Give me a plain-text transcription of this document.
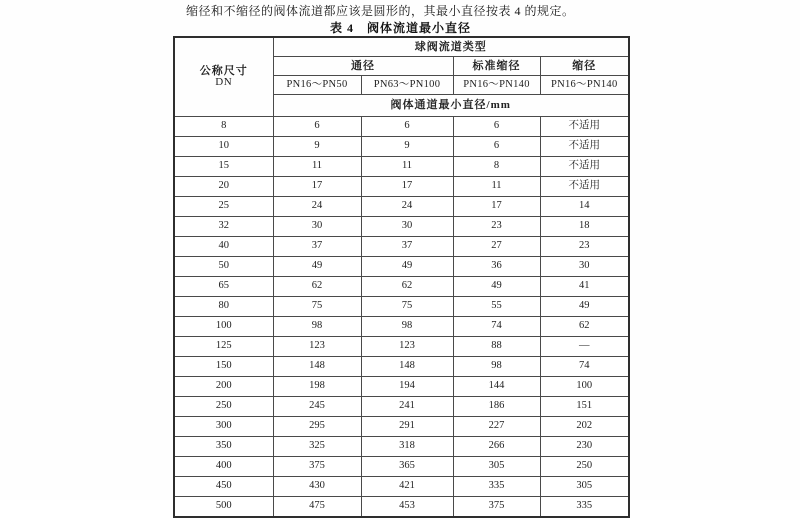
缩径和不缩径的阀体流道都应该是圆形的，其最小直径按表 4 的规定。
表 4　阀体流道最小直径
公称尺寸
DN	球阀流道类型			
	通径		标准缩径	缩径
	PN16～PN50	PN63～PN100	PN16～PN140	PN16～PN140
	阀体通道最小直径/mm			
8	6	6	6	不适用
10	9	9	6	不适用
15	11	11	8	不适用
20	17	17	11	不适用
25	24	24	17	14
32	30	30	23	18
40	37	37	27	23
50	49	49	36	30
65	62	62	49	41
80	75	75	55	49
100	98	98	74	62
125	123	123	88	—
150	148	148	98	74
200	198	194	144	100
250	245	241	186	151
300	295	291	227	202
350	325	318	266	230
400	375	365	305	250
450	430	421	335	305
500	475	453	375	335
